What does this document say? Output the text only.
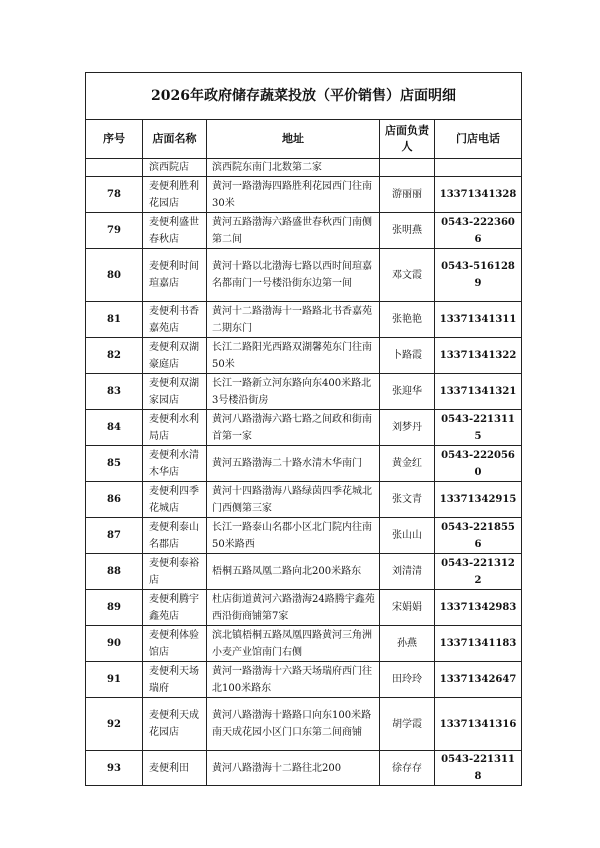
2026年政府储存蔬菜投放（平价销售）店面明细				
序号	店面名称	地址	店面负责人	门店电话
	滨西院店	滨西院东南门北数第二家		
78	麦便利胜利花园店	黄河一路渤海四路胜利花园西门往南30米	游丽丽	13371341328
79	麦便利盛世春秋店	黄河五路渤海六路盛世春秋西门南侧第二间	张明燕	0543-2223606
80	麦便利时间瑄嘉店	黄河十路以北渤海七路以西时间瑄嘉名都南门一号楼沿街东边第一间	邓文霞	0543-5161289
81	麦便利书香嘉苑店	黄河十二路渤海十一路路北书香嘉苑二期东门	张艳艳	13371341311
82	麦便利双湖豪庭店	长江二路阳光西路双湖馨苑东门往南50米	卜路霞	13371341322
83	麦便利双湖家园店	长江一路新立河东路向东400米路北3号楼沿街房	张迎华	13371341321
84	麦便利水利局店	黄河八路渤海六路七路之间政和街南首第一家	刘梦丹	0543-2213115
85	麦便利水清木华店	黄河五路渤海二十路水清木华南门	黄金红	0543-2220560
86	麦便利四季花城店	黄河十四路渤海八路绿茵四季花城北门西侧第三家	张文青	13371342915
87	麦便利泰山名郡店	长江一路泰山名郡小区北门院内往南50米路西	张山山	0543-2218556
88	麦便利泰裕店	梧桐五路凤凰二路向北200米路东	刘清清	0543-2213122
89	麦便利腾宇鑫苑店	杜店街道黄河六路渤海24路腾宇鑫苑西沿街商铺第7家	宋娟娟	13371342983
90	麦便利体验馆店	滨北镇梧桐五路凤凰四路黄河三角洲小麦产业馆南门右侧	孙燕	13371341183
91	麦便利天场瑞府	黄河一路渤海十六路天场瑞府西门往北100米路东	田玲玲	13371342647
92	麦便利天成花园店	黄河八路渤海十路路口向东100米路南天成花园小区门口东第二间商铺	胡学霞	13371341316
93	麦便利田	黄河八路渤海十二路往北200	徐存存	0543-2213118
